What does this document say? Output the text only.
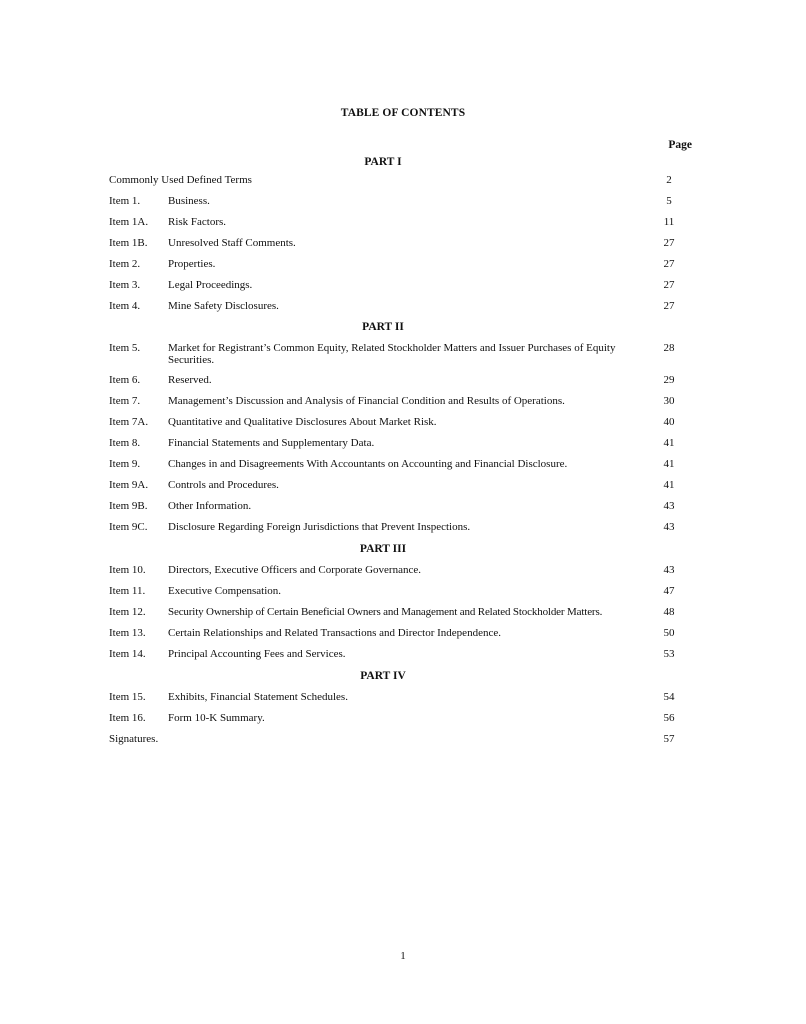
TABLE OF CONTENTS
Page
PART I
Commonly Used Defined Terms	2
Item 1.	Business.	5
Item 1A. Risk Factors.	11
Item 1B. Unresolved Staff Comments.	27
Item 2.	Properties.	27
Item 3.	Legal Proceedings.	27
Item 4.	Mine Safety Disclosures.	27
PART II
Item 5.	Market for Registrant’s Common Equity, Related Stockholder Matters and Issuer Purchases of Equity Securities.
28
Item 6.	Reserved.	29
Item 7.	Management’s Discussion and Analysis of Financial Condition and Results of Operations.	30
Item 7A. Quantitative and Qualitative Disclosures About Market Risk.	40
Item 8.	Financial Statements and Supplementary Data.	41
Item 9.	Changes in and Disagreements With Accountants on Accounting and Financial Disclosure.	41
Item 9A. Controls and Procedures.	41
Item 9B. Other Information.	43
Item 9C. Disclosure Regarding Foreign Jurisdictions that Prevent Inspections.	43
PART III
Item 10. Directors, Executive Officers and Corporate Governance.	43
Item 11. Executive Compensation.	47
Item 12. Security Ownership of Certain Beneficial Owners and Management and Related Stockholder Matters.	48
Item 13. Certain Relationships and Related Transactions and Director Independence.	50
Item 14. Principal Accounting Fees and Services.	53
PART IV
Item 15. Exhibits, Financial Statement Schedules.	54
Item 16. Form 10-K Summary.	56
Signatures.	57
1
